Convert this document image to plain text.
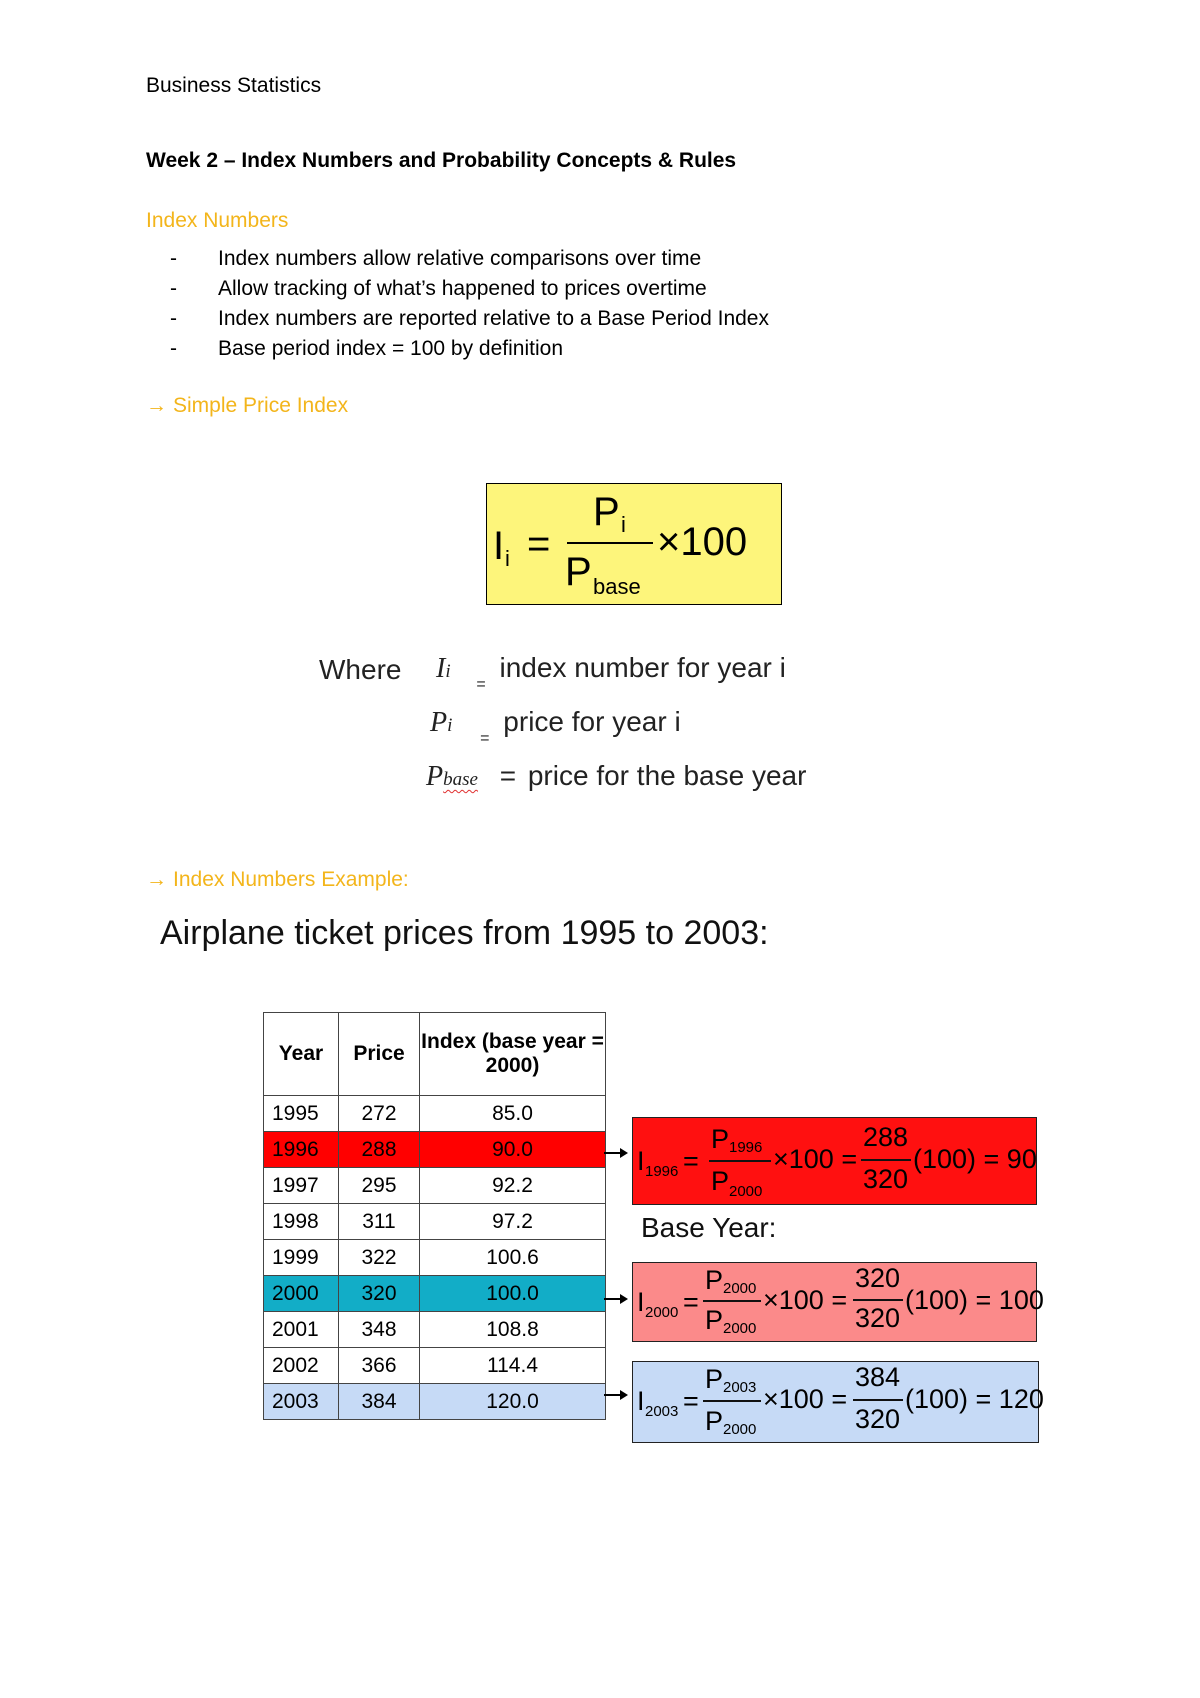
Business Statistics
Week 2 – Index Numbers and Probability Concepts & Rules
Index Numbers
- Index numbers allow relative comparisons over time
- Allow tracking of what’s happened to prices overtime
- Index numbers are reported relative to a Base Period Index
- Base period index = 100 by definition
→ Simple Price Index
I i =
P i
P base
×100
Where Ii $_=$ index number for year i
Pi $_=$ price for year i
Pbase = price for the base year
→ Index Numbers Example:
Airplane ticket prices from 1995 to 2003:
Year	Price	Index (base year = 2000)
1995	272	85.0
1996	288	90.0
1997	295	92.2
1998	311	97.2
1999	322	100.6
2000	320	100.0
2001	348	108.8
2002	366	114.4
2003	384	120.0
I 1996 =
P 1996
P 2000
×100 =
288
320
(100) = 90
Base Year:
I 2000 =
P 2000
P 2000
×100 =
320
320
(100) = 100
I 2003 =
P 2003
P 2000
×100 =
384
320
(100) = 120
